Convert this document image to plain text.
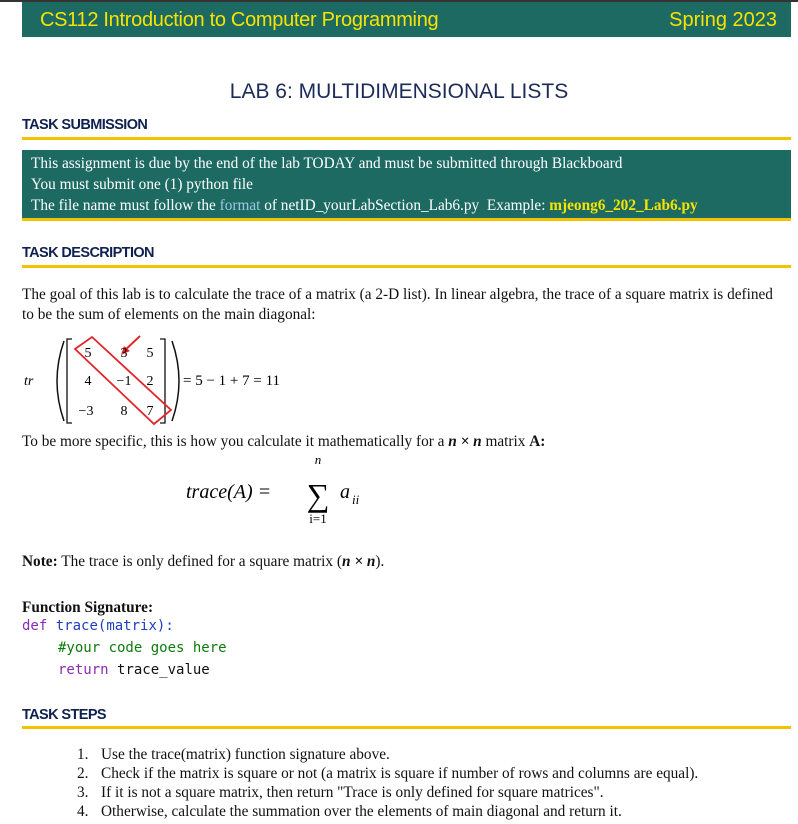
CS112 Introduction to Computer Programming	Spring 2023
LAB 6: MULTIDIMENSIONAL LISTS
TASK SUBMISSION
This assignment is due by the end of the lab TODAY and must be submitted through Blackboard
You must submit one (1) python file
The file name must follow the format of netID_yourLabSection_Lab6.py Example: mjeong6_202_Lab6.py
TASK DESCRIPTION
The goal of this lab is to calculate the trace of a matrix (a 2-D list). In linear algebra, the trace of a square matrix is defined to be the sum of elements on the main diagonal:
tr
5 3 5
4 −1 2
−3 8 7
= 5 − 1 + 7 = 11
To be more specific, this is how you calculate it mathematically for a n × n matrix A:
trace(A) =
n
∑
i=1
a ii
Note: The trace is only defined for a square matrix (n × n).
Function Signature:
def trace(matrix):
#your code goes here
return trace_value
TASK STEPS
1. Use the trace(matrix) function signature above.
2. Check if the matrix is square or not (a matrix is square if number of rows and columns are equal).
3. If it is not a square matrix, then return "Trace is only defined for square matrices".
4. Otherwise, calculate the summation over the elements of main diagonal and return it.
